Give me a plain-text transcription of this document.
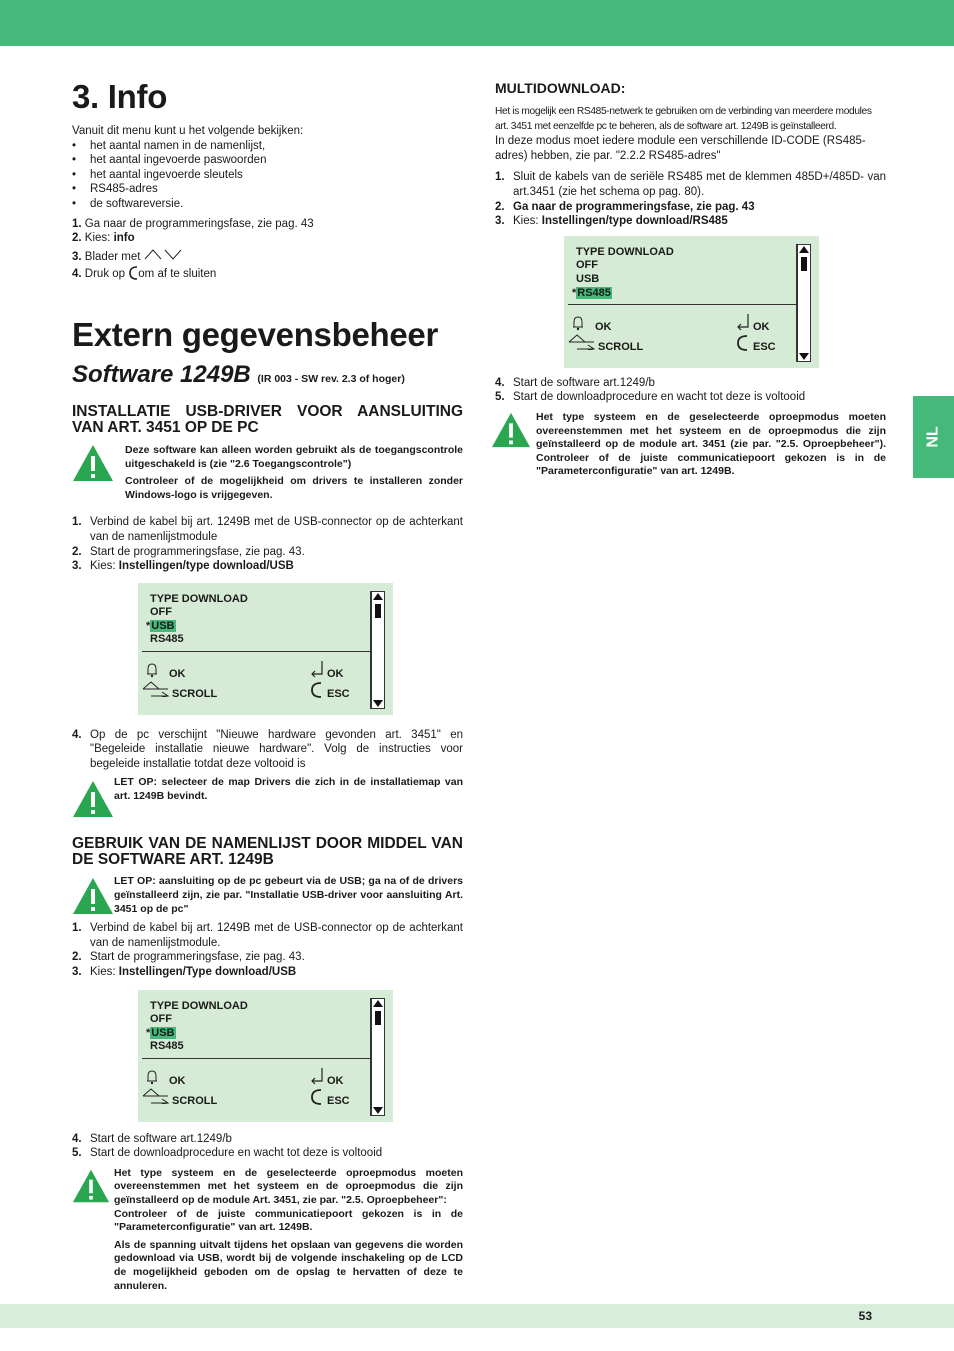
NL
3. Info

Vanuit dit menu kunt u het volgende bekijken:

•	het aantal namen in de namenlijst,
•	het aantal ingevoerde paswoorden
•	het aantal ingevoerde sleutels
•	RS485-adres
•	de softwareversie.
1. Ga naar de programmeringsfase, zie pag. 43
2. Kies: info
3. Blader met
4. Druk op om af te sluiten
Extern gegevensbeheer
Software 1249B (IR 003 - SW rev. 2.3 of hoger)
INSTALLATIE USB-DRIVER VOOR AANSLUITING VAN ART. 3451 OP DE PC

Deze software kan alleen worden gebruikt als de toegangscontrole uitgeschakeld is (zie "2.6 Toegangscontrole")

Controleer of de mogelijkheid om drivers te installeren zonder Windows-logo is vrijgegeven.

1. Verbind de kabel bij art. 1249B met de USB-connector op de achterkant van de namenlijstmodule
2. Start de programmeringsfase, zie pag. 43.
3. Kies: Instellingen/type download/USB
TYPE DOWNLOAD
OFF
*USB
RS485
OK
SCROLL
OK
ESC
4. Op de pc verschijnt "Nieuwe hardware gevonden art. 3451" en "Begeleide installatie nieuwe hardware". Volg de instructies voor begeleide installatie totdat deze voltooid is

LET OP: selecteer de map Drivers die zich in de installatiemap van art. 1249B bevindt.

GEBRUIK VAN DE NAMENLIJST DOOR MIDDEL VAN DE SOFTWARE ART. 1249B

LET OP: aansluiting op de pc gebeurt via de USB; ga na of de drivers geïnstalleerd zijn, zie par. "Installatie USB-driver voor aansluiting Art. 3451 op de pc"

1. Verbind de kabel bij art. 1249B met de USB-connector op de achterkant van de namenlijstmodule.
2. Start de programmeringsfase, zie pag. 43.
3. Kies: Instellingen/Type download/USB
TYPE DOWNLOAD
OFF
*USB
RS485
OK
SCROLL
OK
ESC
4. Start de software art.1249/b
5. Start de downloadprocedure en wacht tot deze is voltooid

Het type systeem en de geselecteerde oproepmodus moeten overeenstemmen met het systeem en de oproepmodus die zijn geïnstalleerd op de module Art. 3451, zie par. "2.5. Oproepbeheer":

Controleer of de juiste communicatiepoort gekozen is in de "Parameterconfiguratie" van art. 1249B.

Als de spanning uitvalt tijdens het opslaan van gegevens die worden gedownload via USB, wordt bij de volgende inschakeling op de LCD de mogelijkheid geboden om de opslag te hervatten of deze te annuleren.

MULTIDOWNLOAD:

Het is mogelijk een RS485-netwerk te gebruiken om de verbinding van meerdere modules art. 3451 met eenzelfde pc te beheren, als de software art. 1249B is geïnstalleerd.

In deze modus moet iedere module een verschillende ID-CODE (RS485-adres) hebben, zie par. "2.2.2 RS485-adres"

1. Sluit de kabels van de seriële RS485 met de klemmen 485D+/485D- van art.3451 (zie het schema op pag. 80).
2. Ga naar de programmeringsfase, zie pag. 43
3. Kies: Instellingen/type download/RS485
TYPE DOWNLOAD
OFF
USB
*RS485
OK
SCROLL
OK
ESC
4. Start de software art.1249/b
5. Start de downloadprocedure en wacht tot deze is voltooid

Het type systeem en de geselecteerde oproepmodus moeten overeenstemmen met het systeem en de oproepmodus die zijn geïnstalleerd op de module art. 3451 (zie par. "2.5. Oproepbeheer"). Controleer of de juiste communicatiepoort gekozen is in de "Parameterconfiguratie" van art. 1249B.

53
